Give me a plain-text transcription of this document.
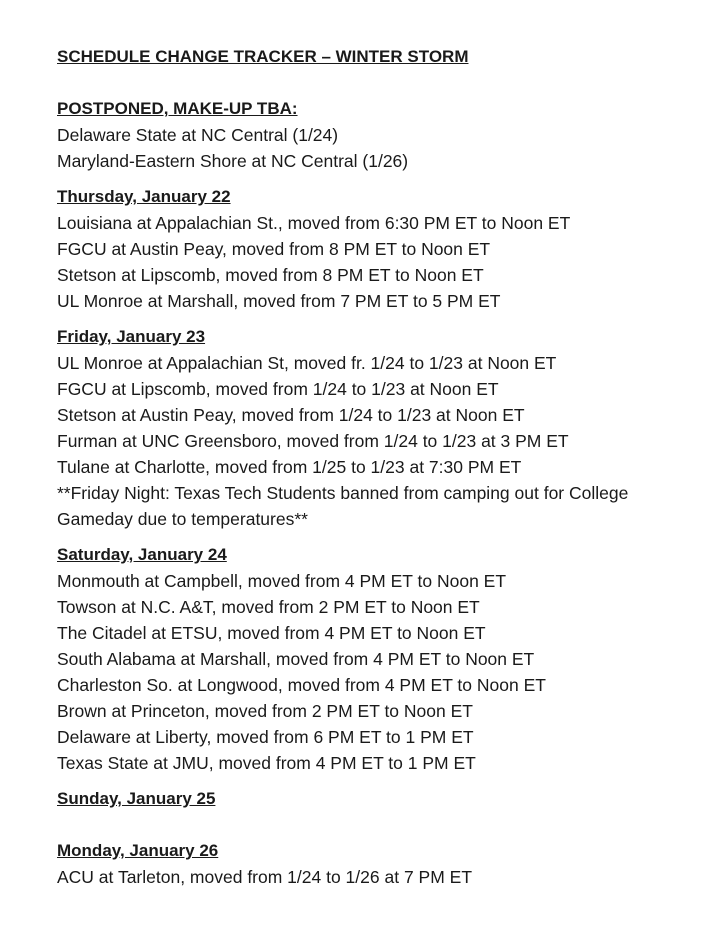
SCHEDULE CHANGE TRACKER – WINTER STORM
POSTPONED, MAKE-UP TBA:
Delaware State at NC Central (1/24)
Maryland-Eastern Shore at NC Central (1/26)
Thursday, January 22
Louisiana at Appalachian St., moved from 6:30 PM ET to Noon ET
FGCU at Austin Peay, moved from 8 PM ET to Noon ET
Stetson at Lipscomb, moved from 8 PM ET to Noon ET
UL Monroe at Marshall, moved from 7 PM ET to 5 PM ET
Friday, January 23
UL Monroe at Appalachian St, moved fr. 1/24 to 1/23 at Noon ET
FGCU at Lipscomb, moved from 1/24 to 1/23 at Noon ET
Stetson at Austin Peay, moved from 1/24 to 1/23 at Noon ET
Furman at UNC Greensboro, moved from 1/24 to 1/23 at 3 PM ET
Tulane at Charlotte, moved from 1/25 to 1/23 at 7:30 PM ET
**Friday Night: Texas Tech Students banned from camping out for College Gameday due to temperatures**
Saturday, January 24
Monmouth at Campbell, moved from 4 PM ET to Noon ET
Towson at N.C. A&T, moved from 2 PM ET to Noon ET
The Citadel at ETSU, moved from 4 PM ET to Noon ET
South Alabama at Marshall, moved from 4 PM ET to Noon ET
Charleston So. at Longwood, moved from 4 PM ET to Noon ET
Brown at Princeton, moved from 2 PM ET to Noon ET
Delaware at Liberty, moved from 6 PM ET to 1 PM ET
Texas State at JMU, moved from 4 PM ET to 1 PM ET
Sunday, January 25
Monday, January 26
ACU at Tarleton, moved from 1/24 to 1/26 at 7 PM ET
